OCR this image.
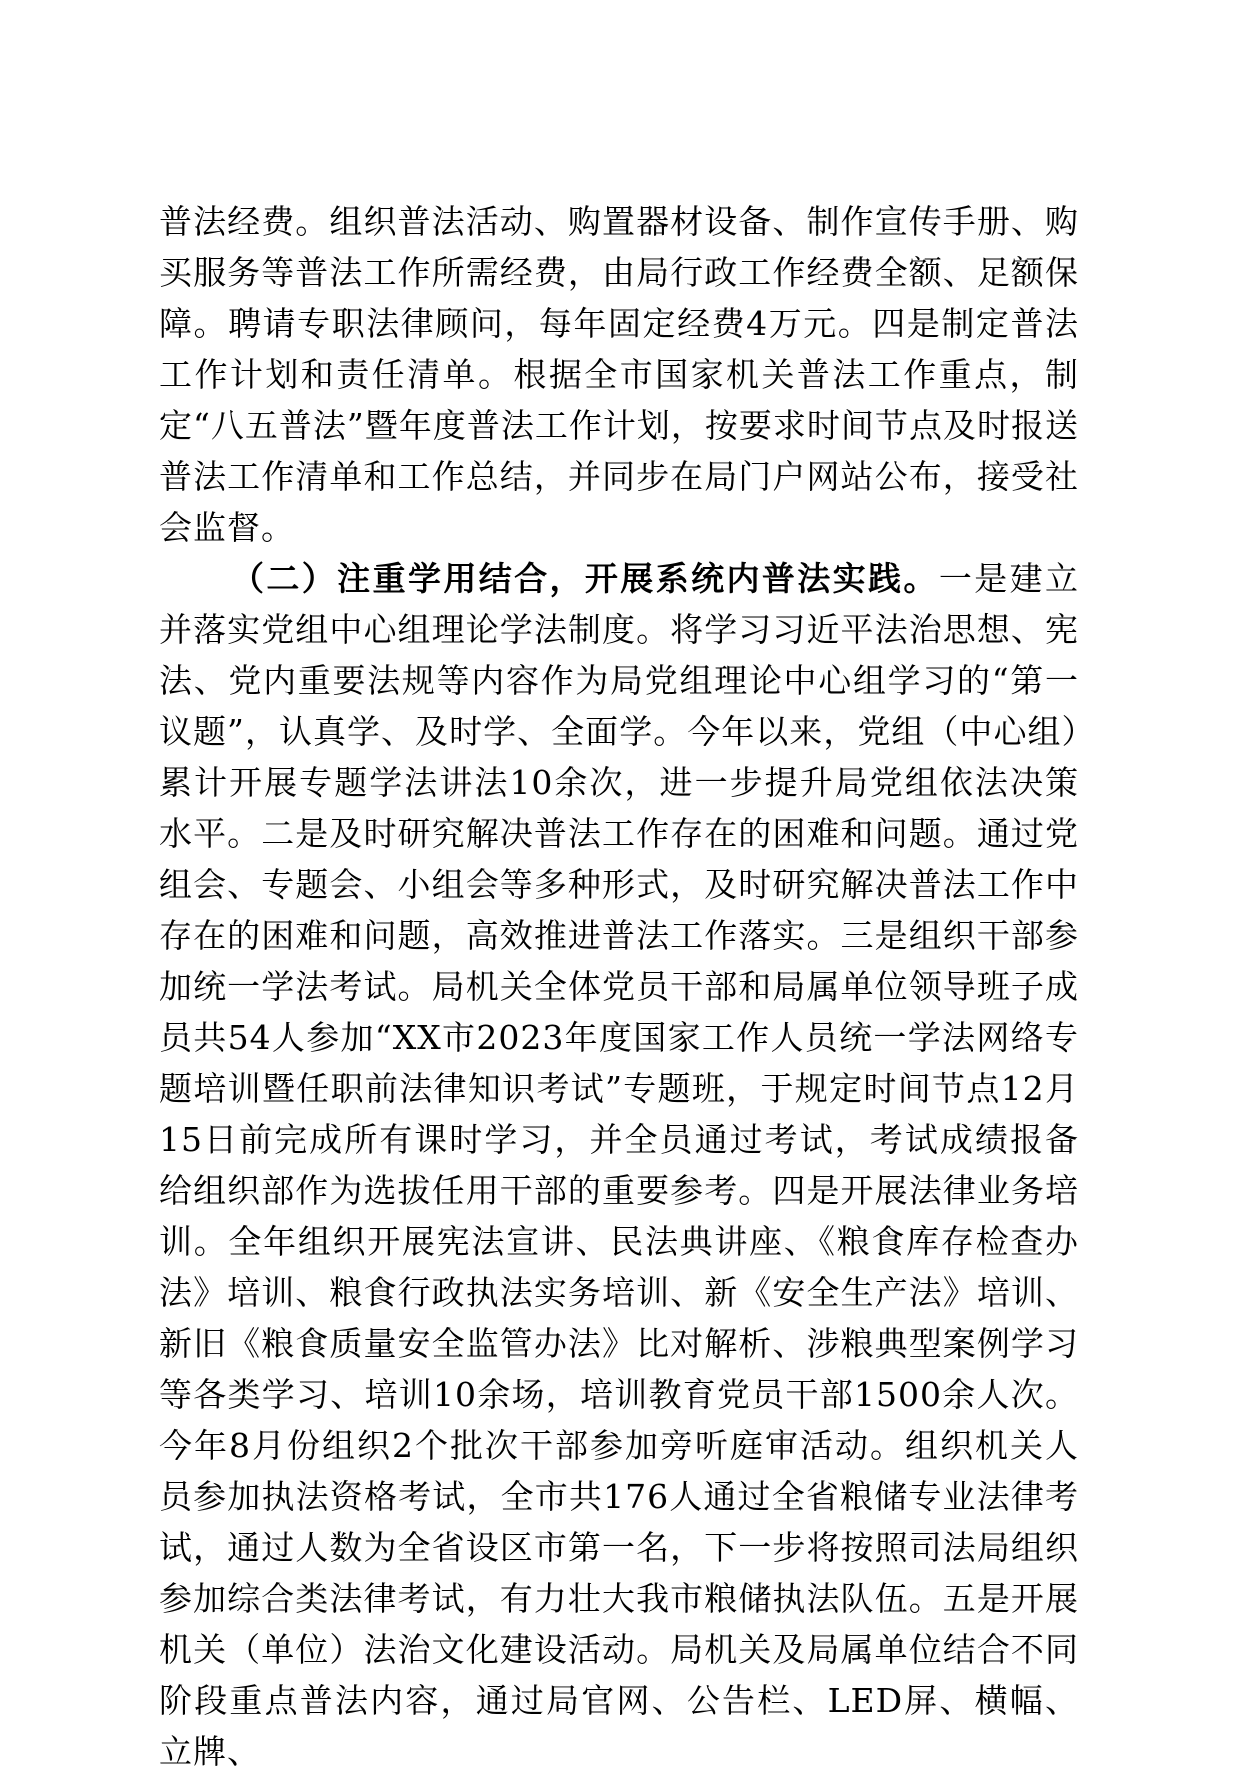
普法经费。组织普法活动、购置器材设备、制作宣传手册、购买服务等普法工作所需经费，由局行政工作经费全额、足额保障。聘请专职法律顾问，每年固定经费4万元。四是制定普法工作计划和责任清单。根据全市国家机关普法工作重点，制定“八五普法”暨年度普法工作计划，按要求时间节点及时报送普法工作清单和工作总结，并同步在局门户网站公布，接受社会监督。

（二）注重学用结合，开展系统内普法实践。一是建立并落实党组中心组理论学法制度。将学习习近平法治思想、宪法、党内重要法规等内容作为局党组理论中心组学习的“第一议题”，认真学、及时学、全面学。今年以来，党组（中心组）累计开展专题学法讲法10余次，进一步提升局党组依法决策水平。二是及时研究解决普法工作存在的困难和问题。通过党组会、专题会、小组会等多种形式，及时研究解决普法工作中存在的困难和问题，高效推进普法工作落实。三是组织干部参加统一学法考试。局机关全体党员干部和局属单位领导班子成员共54人参加“XX市2023年度国家工作人员统一学法网络专题培训暨任职前法律知识考试”专题班，于规定时间节点12月15日前完成所有课时学习，并全员通过考试，考试成绩报备给组织部作为选拔任用干部的重要参考。四是开展法律业务培训。全年组织开展宪法宣讲、民法典讲座、《粮食库存检查办法》培训、粮食行政执法实务培训、新《安全生产法》培训、新旧《粮食质量安全监管办法》比对解析、涉粮典型案例学习等各类学习、培训10余场，培训教育党员干部1500余人次。今年8月份组织2个批次干部参加旁听庭审活动。组织机关人员参加执法资格考试，全市共176人通过全省粮储专业法律考试，通过人数为全省设区市第一名，下一步将按照司法局组织参加综合类法律考试，有力壮大我市粮储执法队伍。五是开展机关（单位）法治文化建设活动。局机关及局属单位结合不同阶段重点普法内容，通过局官网、公告栏、LED屏、横幅、立牌、
